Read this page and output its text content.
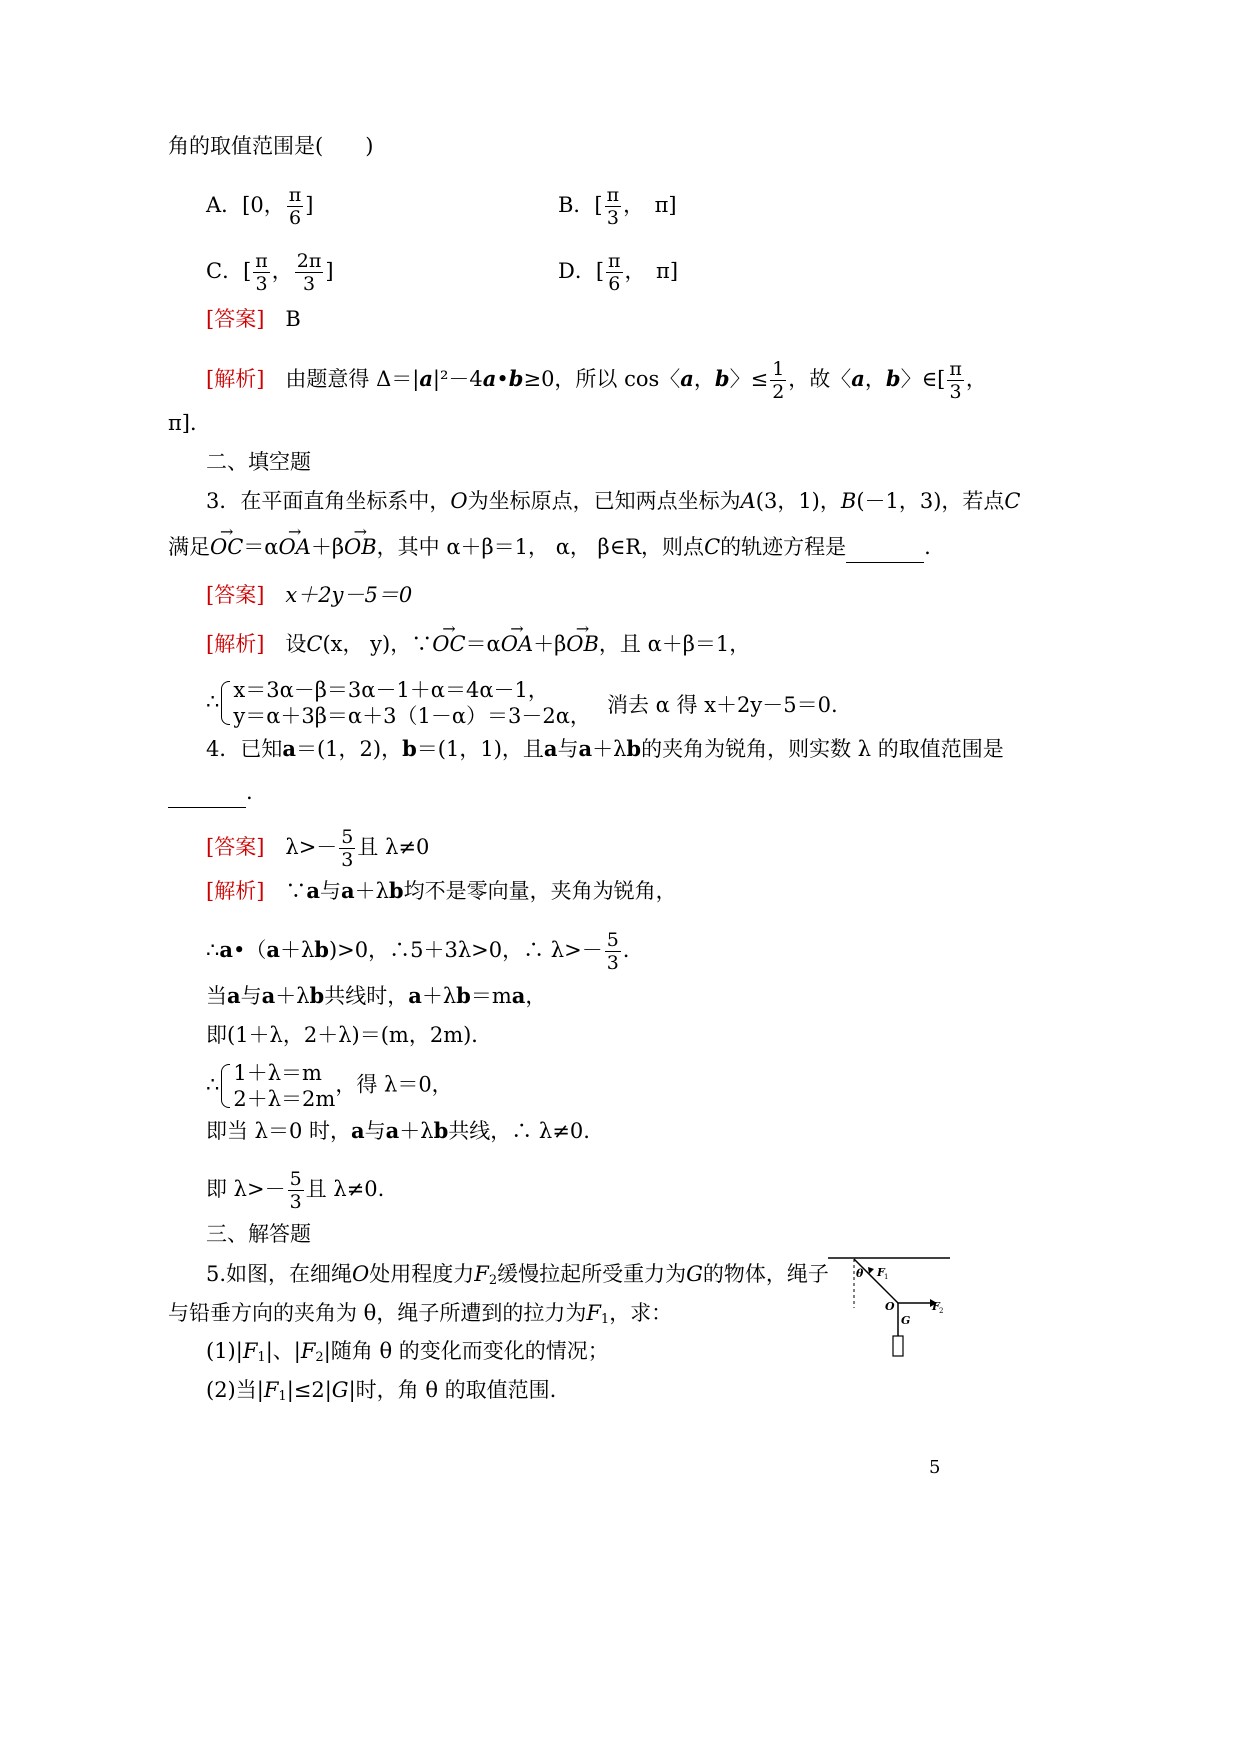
角的取值范围是(　　)
A．[0， $\frac{\pi}{6}$ ]	B．[ $\frac{\pi}{3}$ ，　π]
C．[ $\frac{\pi}{3}$ ， $\frac{2\pi}{3}$ ]	D．[ $\frac{\pi}{6}$ ，　π]
[答案]　 B
[解析]　 由题意得 Δ＝|a|²－4a•b≥0，所以 cos〈a，b〉≤ $\frac{1}{2}$ ，故〈a，b〉∈[ $\frac{\pi}{3}$ ，
π]．
二、填空题
3．在平面直角坐标系中，O为坐标原点，已知两点坐标为A(3，1)，B(－1，3)，若点C
满足→ OC＝α→ OA＋β→ OB，其中 α＋β＝1， α， β∈R，则点C的轨迹方程是	.
[答案]　 x＋2y－5＝0
[解析]　 设C(x， y)，∵→ OC＝α→ OA＋β→ OB，且 α＋β＝1，
∴ x＝3α－β＝3α－1＋α＝4α－1，
y＝α＋3β＝α＋3（1－α）＝3－2α， 消去 α 得 x＋2y－5＝0.
4．已知a＝(1，2)，b＝(1，1)，且a与a＋λb的夹角为锐角，则实数 λ 的取值范围是
.
[答案]　 $\lambda>- \frac{5}{3}$ 且 λ≠0
[解析]　 ∵a与a＋λb均不是零向量，夹角为锐角，
∴a•（a＋λb)>0，∴5＋3λ>0，∴ $\lambda>- \frac{5}{3}$ .
当a与a＋λb共线时，a＋λb＝ma，
即(1＋λ，2＋λ)＝(m，2m)．
∴ 1＋λ＝m
2＋λ＝2m
，得 λ＝0，
即当 λ＝0 时，a与a＋λb共线，∴ λ≠0.
即 $\lambda>- \frac{5}{3}$ 且 λ≠0.
三、解答题
5.如图，在细绳O处用程度力$F_2$缓慢拉起所受重力为G的物体，绳子
与铅垂方向的夹角为 θ，绳子所遭到的拉力为$F_1$，求：
$(1)|F_1|$、$|F_2|$随角 θ 的变化而变化的情况；
(2)当$|F_1|\le 2|G|$时，角 θ 的取值范围.
θ F 1
O	F 2
G
5
